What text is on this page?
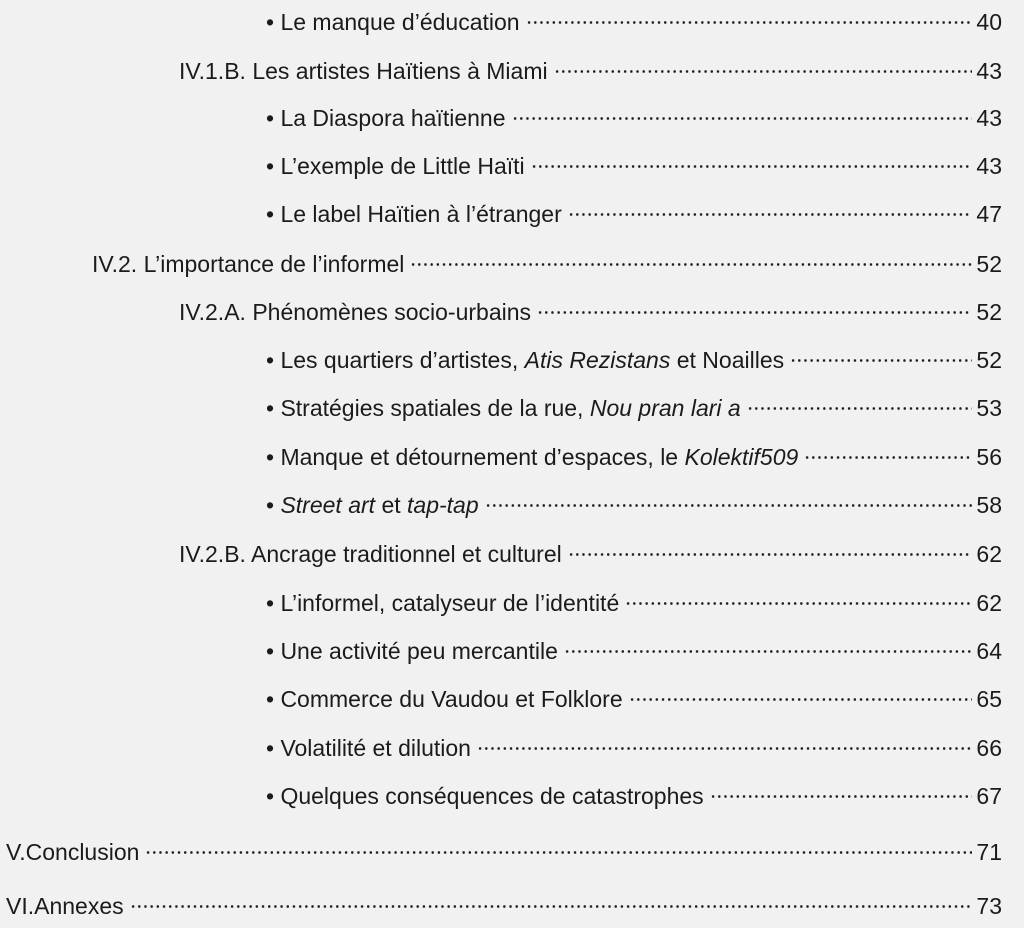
• Le manque d’éducation	40
IV.1.B. Les artistes Haïtiens à Miami	43
• La Diaspora haïtienne	43
• L’exemple de Little Haïti	43
• Le label Haïtien à l’étranger	47
IV.2. L’importance de l’informel	52
IV.2.A. Phénomènes socio-urbains	52
• Les quartiers d’artistes, Atis Rezistans et Noailles	52
• Stratégies spatiales de la rue, Nou pran lari a	53
• Manque et détournement d’espaces, le Kolektif509	56
• Street art et tap-tap	58
IV.2.B. Ancrage traditionnel et culturel	62
• L’informel, catalyseur de l’identité	62
• Une activité peu mercantile	64
• Commerce du Vaudou et Folklore	65
• Volatilité et dilution	66
• Quelques conséquences de catastrophes	67
V.Conclusion	71
VI.Annexes	73
